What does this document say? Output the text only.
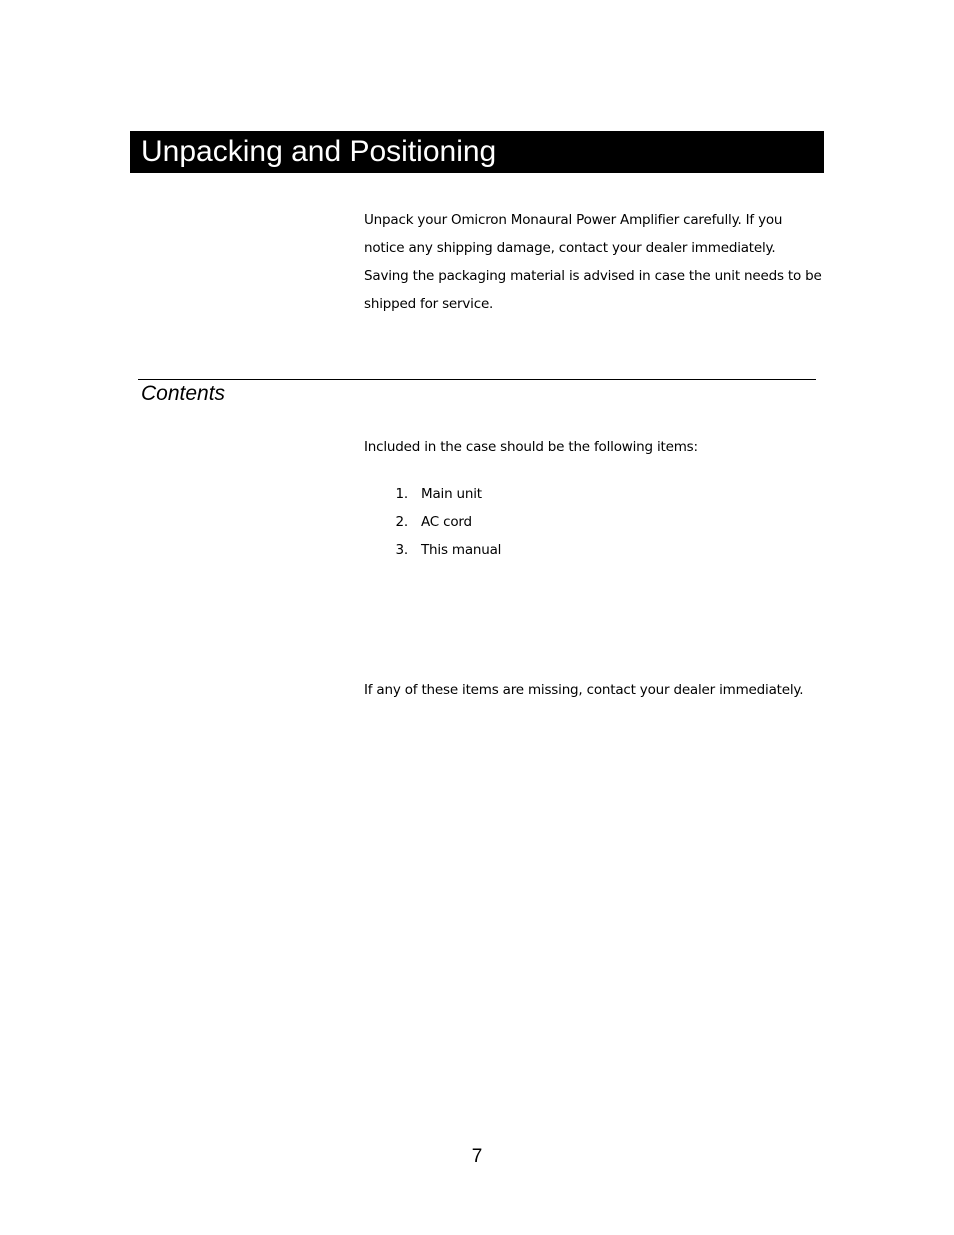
Unpacking and Positioning

Unpack your Omicron Monaural Power Amplifier carefully. If you notice any shipping damage, contact your dealer immediately. Saving the packaging material is advised in case the unit needs to be shipped for service.

Contents

Included in the case should be the following items:

1. Main unit
2. AC cord
3. This manual

If any of these items are missing, contact your dealer immediately.

7
